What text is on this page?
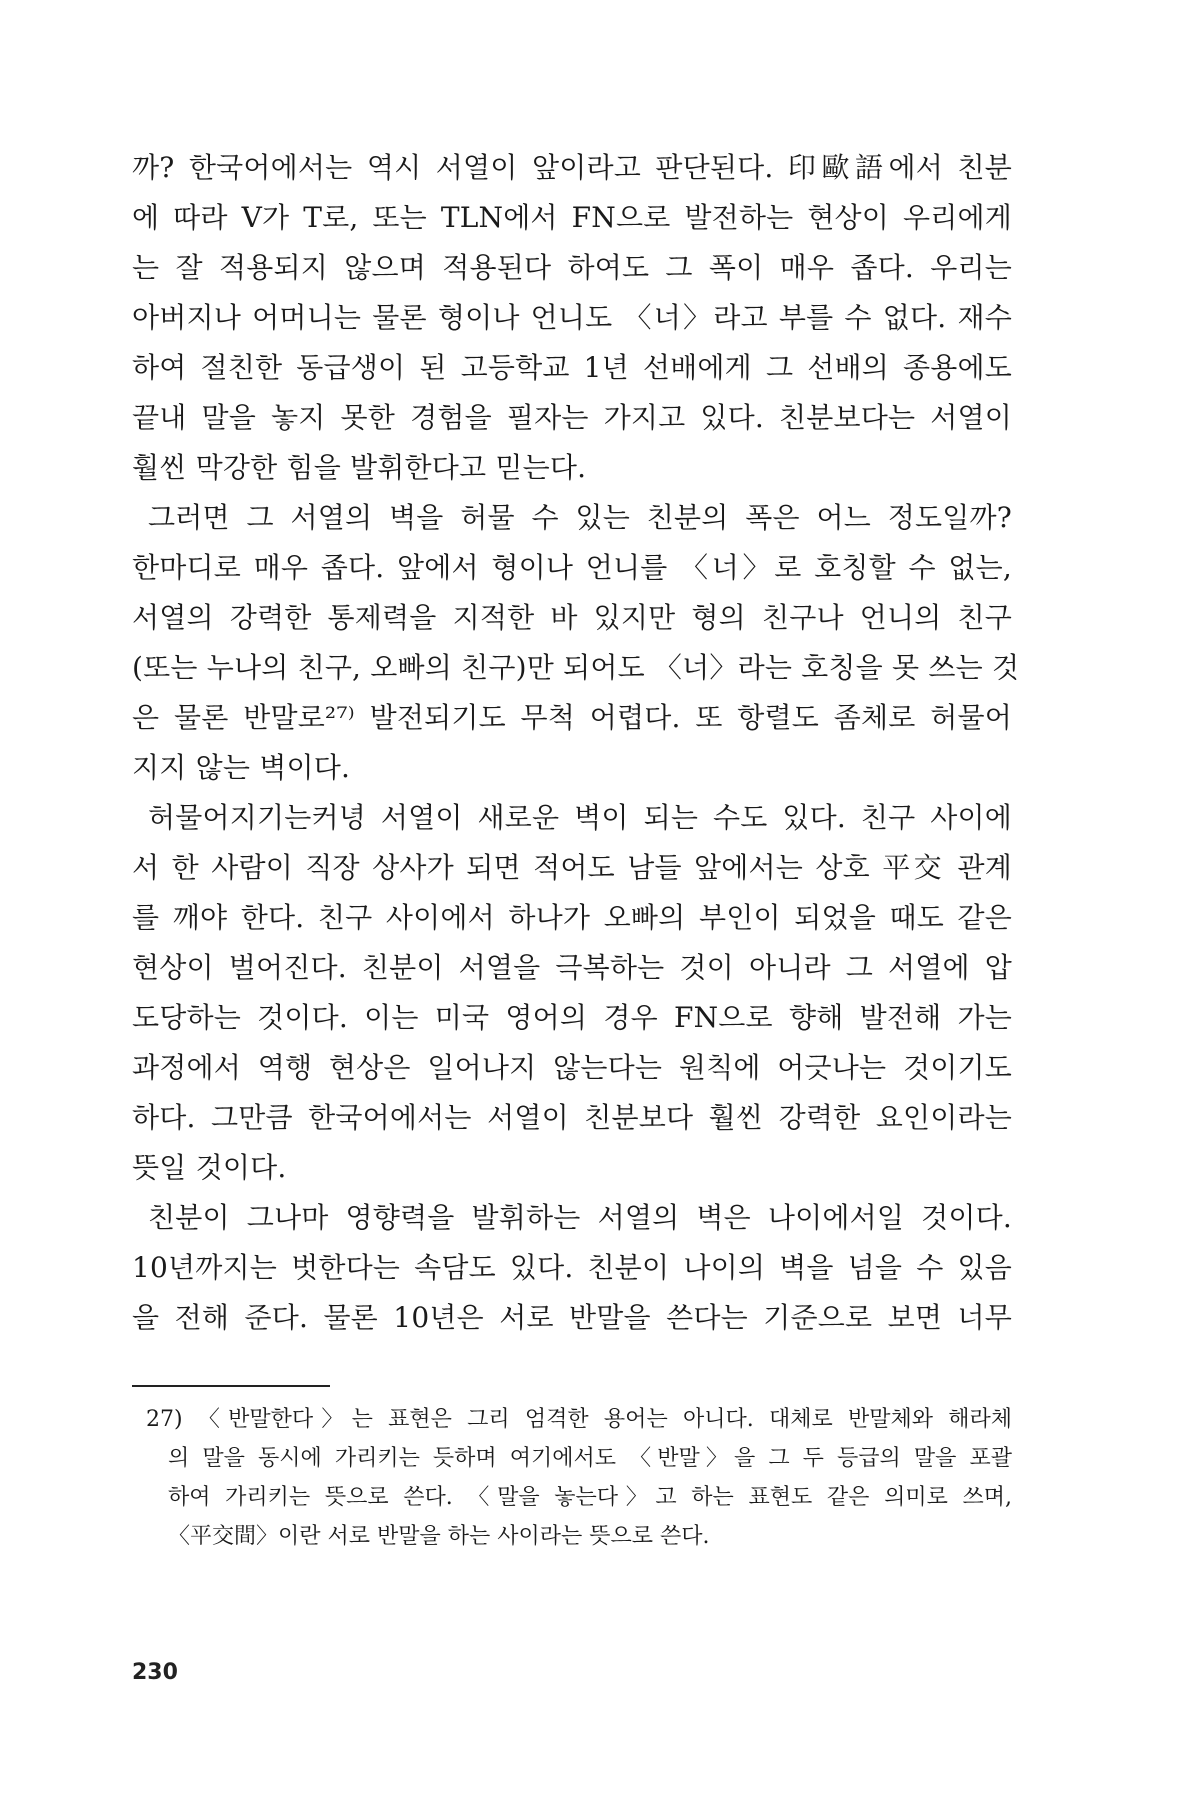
까? 한국어에서는 역시 서열이 앞이라고 판단된다. 印歐語에서 친분
에 따라 V가 T로, 또는 TLN에서 FN으로 발전하는 현상이 우리에게
는 잘 적용되지 않으며 적용된다 하여도 그 폭이 매우 좁다. 우리는
아버지나 어머니는 물론 형이나 언니도 〈너〉라고 부를 수 없다. 재수
하여 절친한 동급생이 된 고등학교 1년 선배에게 그 선배의 종용에도
끝내 말을 놓지 못한 경험을 필자는 가지고 있다. 친분보다는 서열이
훨씬 막강한 힘을 발휘한다고 믿는다.
그러면 그 서열의 벽을 허물 수 있는 친분의 폭은 어느 정도일까?
한마디로 매우 좁다. 앞에서 형이나 언니를 〈너〉로 호칭할 수 없는,
서열의 강력한 통제력을 지적한 바 있지만 형의 친구나 언니의 친구
(또는 누나의 친구, 오빠의 친구)만 되어도 〈너〉라는 호칭을 못 쓰는 것
은 물론 반말로²⁷⁾ 발전되기도 무척 어렵다. 또 항렬도 좀체로 허물어
지지 않는 벽이다.
허물어지기는커녕 서열이 새로운 벽이 되는 수도 있다. 친구 사이에
서 한 사람이 직장 상사가 되면 적어도 남들 앞에서는 상호 平交 관계
를 깨야 한다. 친구 사이에서 하나가 오빠의 부인이 되었을 때도 같은
현상이 벌어진다. 친분이 서열을 극복하는 것이 아니라 그 서열에 압
도당하는 것이다. 이는 미국 영어의 경우 FN으로 향해 발전해 가는
과정에서 역행 현상은 일어나지 않는다는 원칙에 어긋나는 것이기도
하다. 그만큼 한국어에서는 서열이 친분보다 훨씬 강력한 요인이라는
뜻일 것이다.
친분이 그나마 영향력을 발휘하는 서열의 벽은 나이에서일 것이다.
10년까지는 벗한다는 속담도 있다. 친분이 나이의 벽을 넘을 수 있음
을 전해 준다. 물론 10년은 서로 반말을 쓴다는 기준으로 보면 너무
27) 〈반말한다〉는 표현은 그리 엄격한 용어는 아니다. 대체로 반말체와 해라체
의 말을 동시에 가리키는 듯하며 여기에서도 〈반말〉을 그 두 등급의 말을 포괄
하여 가리키는 뜻으로 쓴다. 〈말을 놓는다〉고 하는 표현도 같은 의미로 쓰며,
〈平交間〉이란 서로 반말을 하는 사이라는 뜻으로 쓴다.
230
